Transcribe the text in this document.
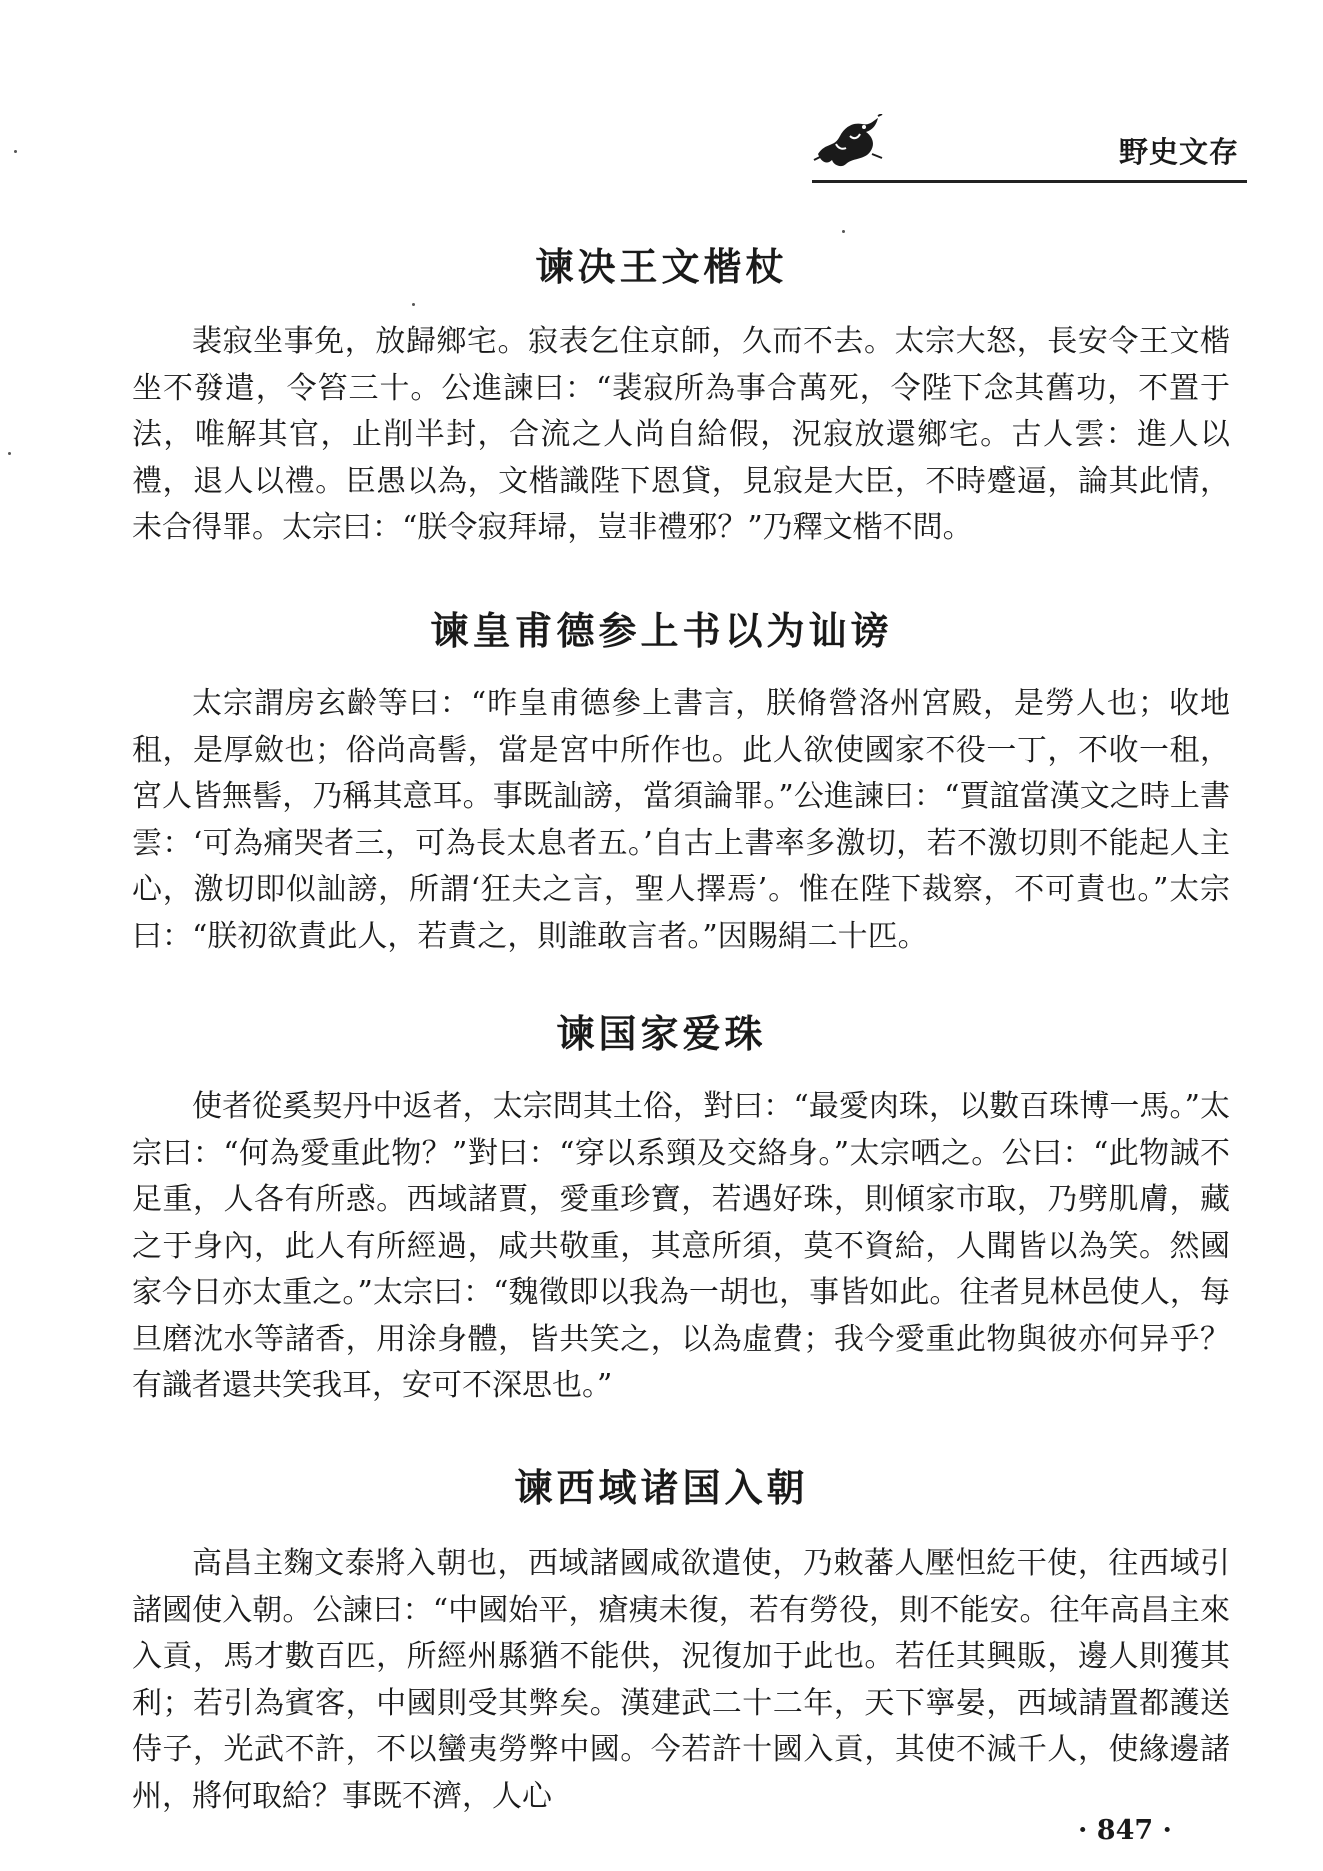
野史文存
谏决王文楷杖

裴寂坐事免，放歸鄉宅。寂表乞住京師，久而不去。太宗大怒，長安令王文楷坐不發遣，令笞三十。公進諫曰：“裴寂所為事合萬死，令陛下念其舊功，不置于法，唯解其官，止削半封，合流之人尚自給假，況寂放還鄉宅。古人雲：進人以禮，退人以禮。臣愚以為，文楷識陛下恩貸，見寂是大臣，不時蹙逼，論其此情，未合得罪。太宗曰：“朕令寂拜埽，豈非禮邪？”乃釋文楷不問。

谏皇甫德参上书以为讪谤

太宗謂房玄齡等曰：“昨皇甫德參上書言，朕脩營洛州宮殿，是勞人也；收地租，是厚斂也；俗尚高髻，當是宮中所作也。此人欲使國家不役一丁，不收一租，宮人皆無髻，乃稱其意耳。事既訕謗，當須論罪。”公進諫曰：“賈誼當漢文之時上書雲：‘可為痛哭者三，可為長太息者五。’自古上書率多激切，若不激切則不能起人主心，激切即似訕謗，所謂‘狂夫之言，聖人擇焉’。惟在陛下裁察，不可責也。”太宗曰：“朕初欲責此人，若責之，則誰敢言者。”因賜絹二十匹。

谏国家爱珠

使者從奚契丹中返者，太宗問其土俗，對曰：“最愛肉珠，以數百珠博一馬。”太宗曰：“何為愛重此物？”對曰：“穿以系頸及交絡身。”太宗哂之。公曰：“此物誠不足重，人各有所惑。西域諸賈，愛重珍寶，若遇好珠，則傾家市取，乃劈肌膚，藏之于身內，此人有所經過，咸共敬重，其意所須，莫不資給，人聞皆以為笑。然國家今日亦太重之。”太宗曰：“魏徵即以我為一胡也，事皆如此。往者見林邑使人，每旦磨沈水等諸香，用涂身體，皆共笑之，以為虛費；我今愛重此物與彼亦何异乎？有識者還共笑我耳，安可不深思也。”

谏西域诸国入朝

高昌主麴文泰將入朝也，西域諸國咸欲遣使，乃敕蕃人壓怛紇干使，往西域引諸國使入朝。公諫曰：“中國始平，瘡痍未復，若有勞役，則不能安。往年高昌主來入貢，馬才數百匹，所經州縣猶不能供，況復加于此也。若任其興販，邊人則獲其利；若引為賓客，中國則受其弊矣。漢建武二十二年，天下寧晏，西域請置都護送侍子，光武不許，不以蠻夷勞弊中國。今若許十國入貢，其使不減千人，使緣邊諸州，將何取給？事既不濟，人心

· 847 ·
